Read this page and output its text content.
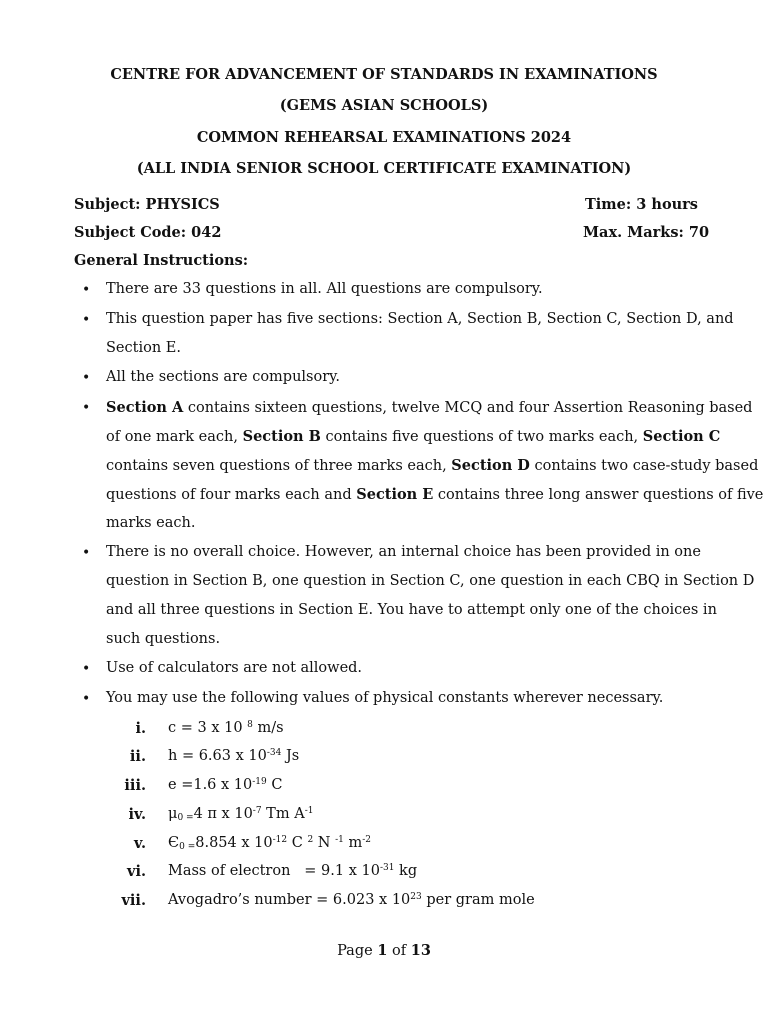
CENTRE FOR ADVANCEMENT OF STANDARDS IN EXAMINATIONS
(GEMS ASIAN SCHOOLS)
COMMON REHEARSAL EXAMINATIONS 2024
(ALL INDIA SENIOR SCHOOL CERTIFICATE EXAMINATION)
Subject: PHYSICS	Time: 3 hours
Subject Code: 042	Max. Marks: 70
General Instructions:
• There are 33 questions in all. All questions are compulsory.
• This question paper has five sections: Section A, Section B, Section C, Section D, and
Section E.
• All the sections are compulsory.
• Section A contains sixteen questions, twelve MCQ and four Assertion Reasoning based
of one mark each, Section B contains five questions of two marks each, Section C
contains seven questions of three marks each, Section D contains two case-study based
questions of four marks each and Section E contains three long answer questions of five
marks each.
• There is no overall choice. However, an internal choice has been provided in one
question in Section B, one question in Section C, one question in each CBQ in Section D
and all three questions in Section E. You have to attempt only one of the choices in
such questions.
• Use of calculators are not allowed.
• You may use the following values of physical constants wherever necessary.
i. c = 3 x 10 $^8$ m/s
ii. h = 6.63 x $10^{-34}$ Js
iii. e =1.6 x $10^{-19}$ C
iv. $\mu_{0 =}4$ π x $10^{-7}$ Tm $A^{-1}$
v. $Є_{0 =}8.854$ x $10^{-12}$ C $^2$ N $^{-1}$ $m^{-2}$
vi. Mass of electron   = 9.1 x $10^{-31}$ kg
vii. Avogadro’s number = 6.023 x $10^{23}$ per gram mole
Page 1 of 13
